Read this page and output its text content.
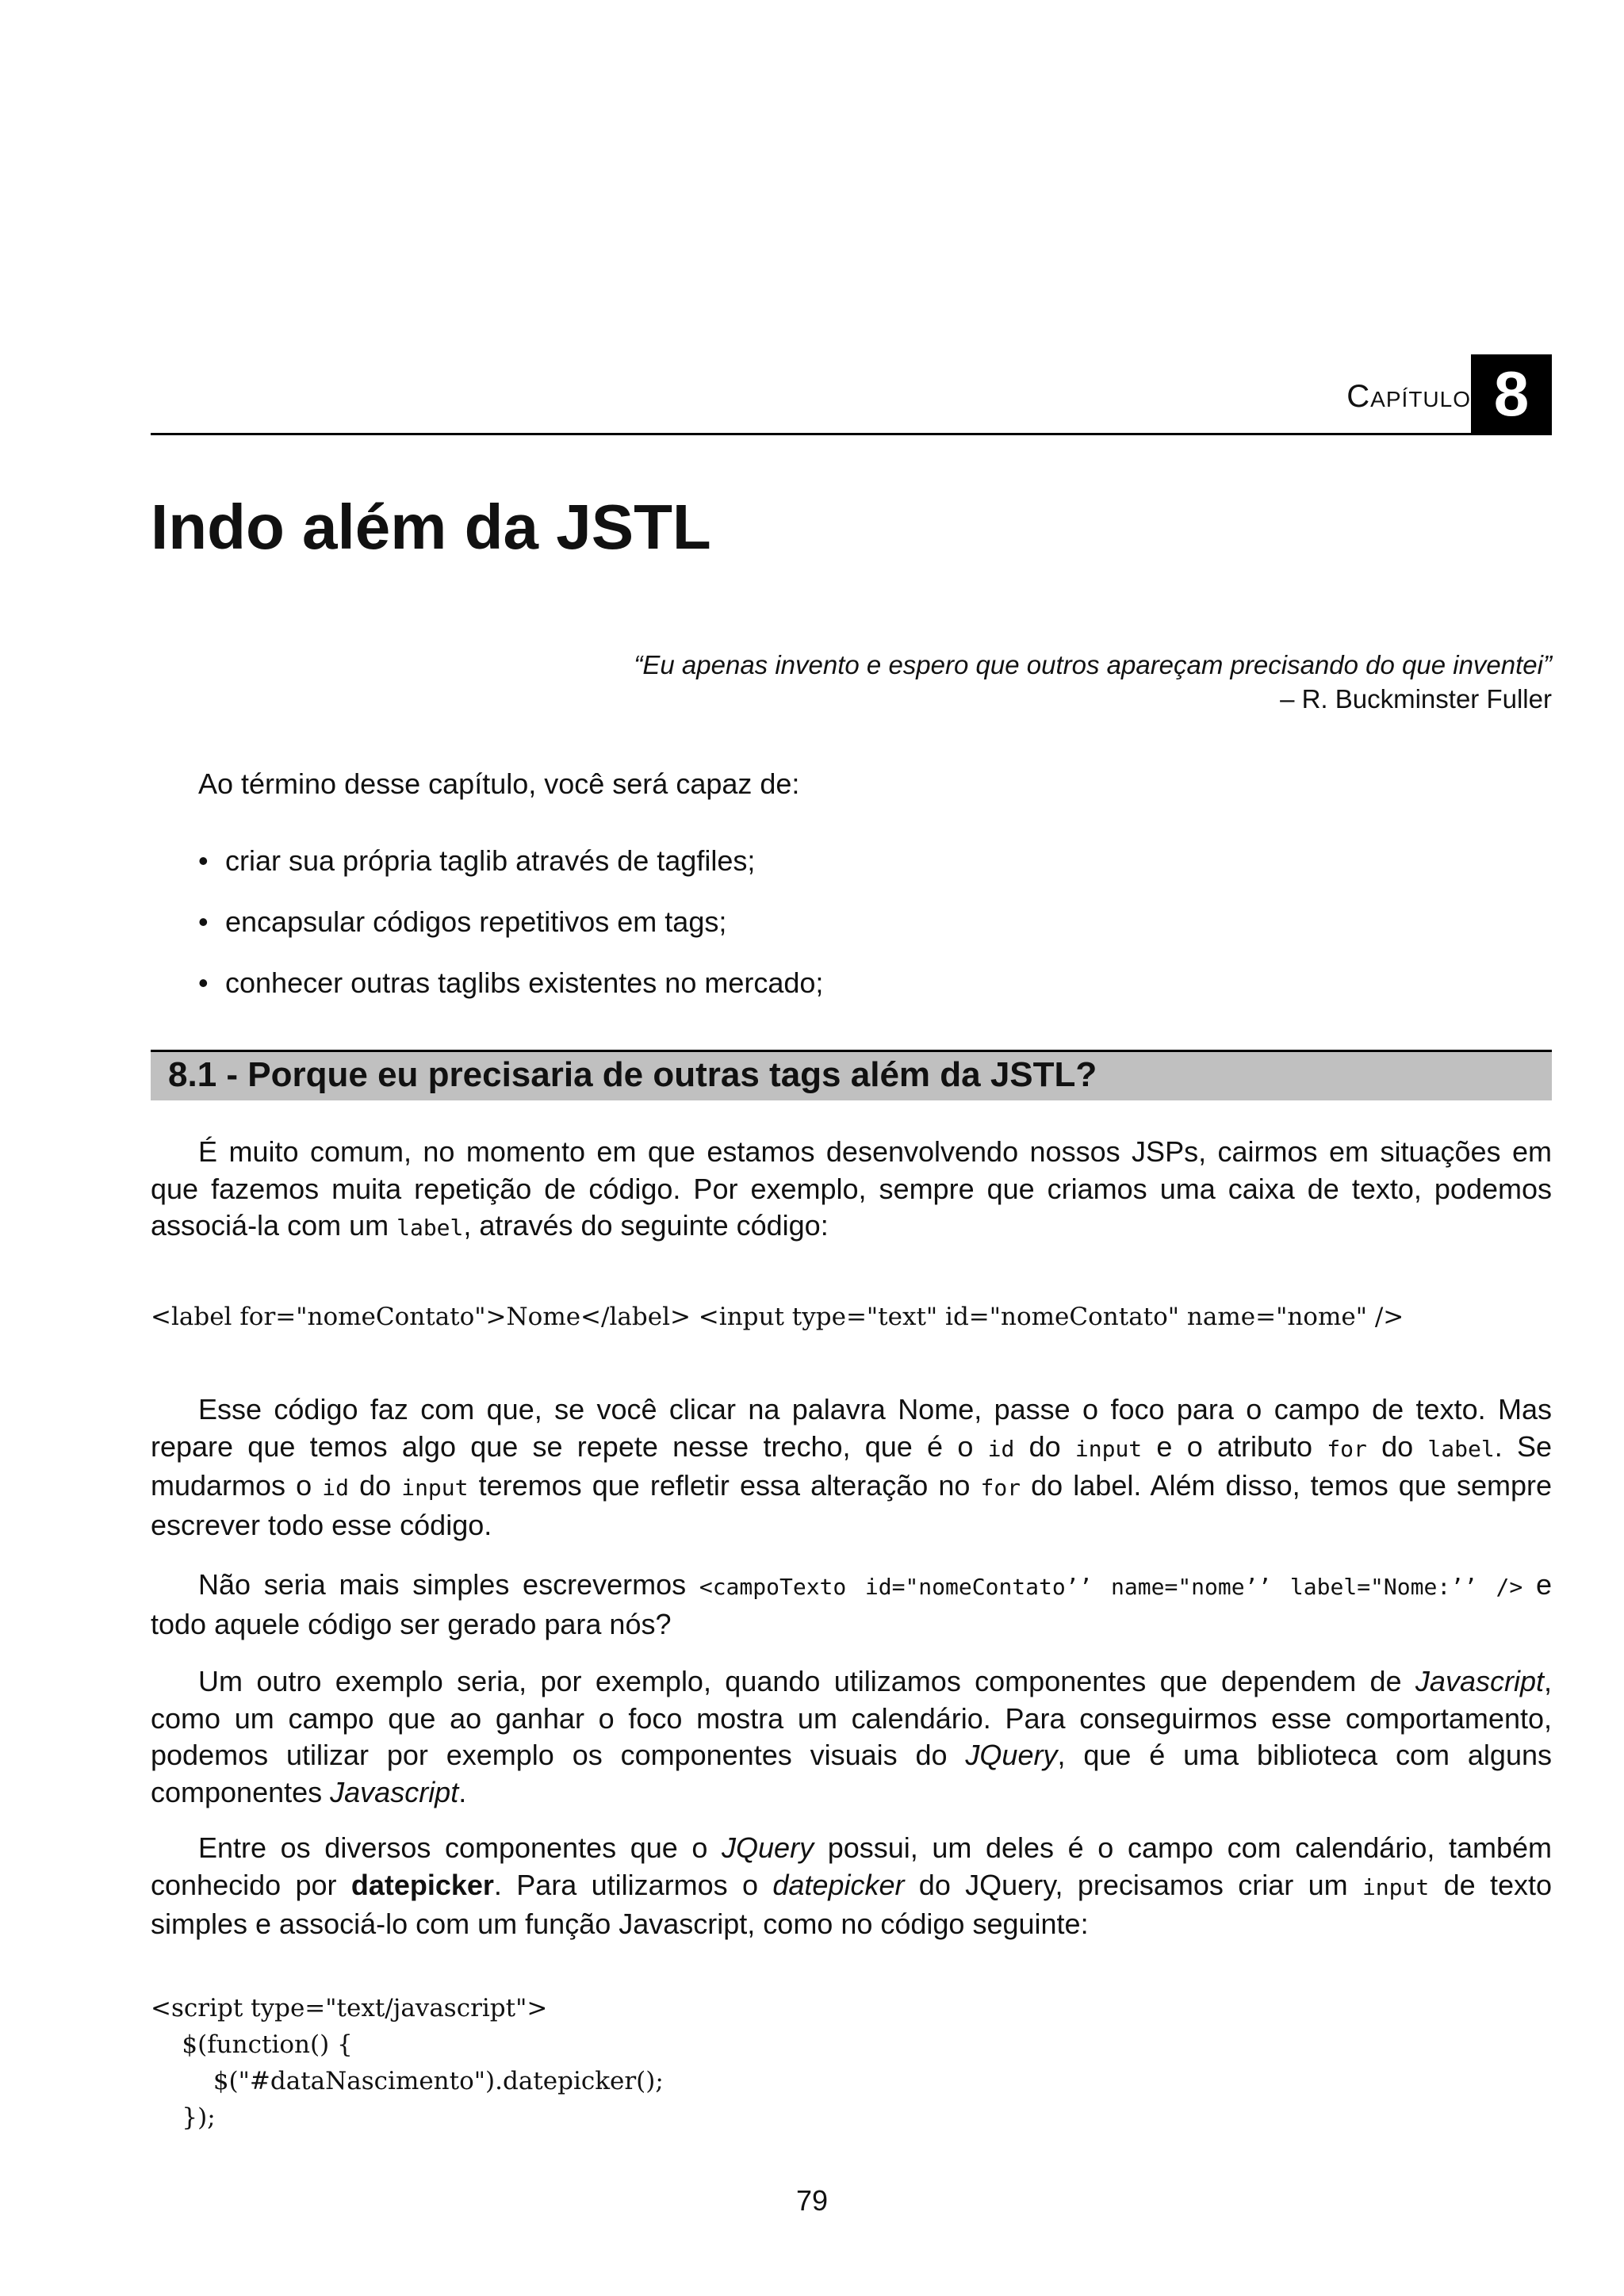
Capítulo 8
Indo além da JSTL
“Eu apenas invento e espero que outros apareçam precisando do que inventei”
– R. Buckminster Fuller
Ao término desse capítulo, você será capaz de:
• criar sua própria taglib através de tagfiles;
• encapsular códigos repetitivos em tags;
• conhecer outras taglibs existentes no mercado;
8.1 - Porque eu precisaria de outras tags além da JSTL?

É muito comum, no momento em que estamos desenvolvendo nossos JSPs, cairmos em situações em que fazemos muita repetição de código. Por exemplo, sempre que criamos uma caixa de texto, podemos associá-la com um label, através do seguinte código:

<label for="nomeContato">Nome</label> <input type="text" id="nomeContato" name="nome" />

Esse código faz com que, se você clicar na palavra Nome, passe o foco para o campo de texto. Mas repare que temos algo que se repete nesse trecho, que é o id do input e o atributo for do label. Se mudarmos o id do input teremos que refletir essa alteração no for do label. Além disso, temos que sempre escrever todo esse código.

Não seria mais simples escrevermos <campoTexto id="nomeContato’’ name="nome’’ label="Nome:’’ /> e todo aquele código ser gerado para nós?

Um outro exemplo seria, por exemplo, quando utilizamos componentes que dependem de Javascript, como um campo que ao ganhar o foco mostra um calendário. Para conseguirmos esse comportamento, podemos utilizar por exemplo os componentes visuais do JQuery, que é uma biblioteca com alguns componentes Javascript.

Entre os diversos componentes que o JQuery possui, um deles é o campo com calendário, também conhecido por datepicker. Para utilizarmos o datepicker do JQuery, precisamos criar um input de texto simples e associá-lo com um função Javascript, como no código seguinte:

<script type="text/javascript">
$(function() {
$("#dataNascimento").datepicker();
});
79
